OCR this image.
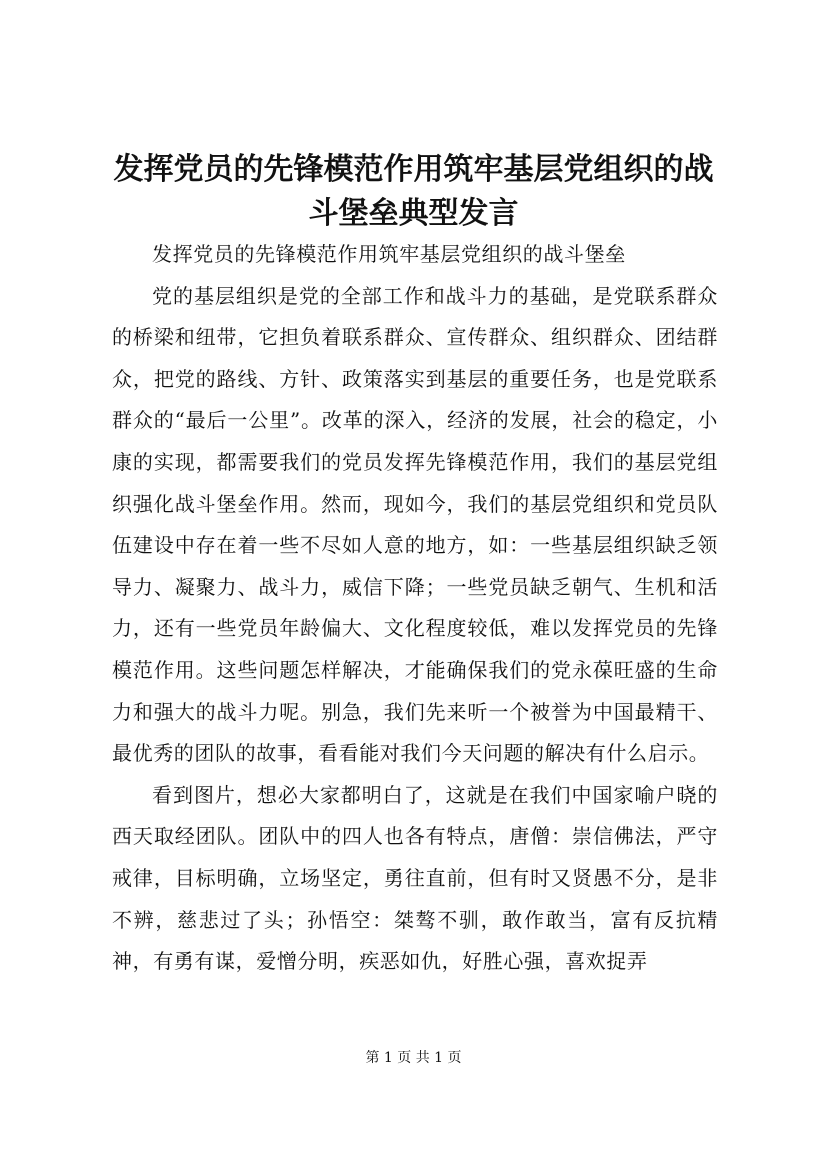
发挥党员的先锋模范作用筑牢基层党组织的战
斗堡垒典型发言

发挥党员的先锋模范作用筑牢基层党组织的战斗堡垒

党的基层组织是党的全部工作和战斗力的基础，是党联系群众的桥梁和纽带，它担负着联系群众、宣传群众、组织群众、团结群众，把党的路线、方针、政策落实到基层的重要任务，也是党联系群众的“最后一公里”。改革的深入，经济的发展，社会的稳定，小康的实现，都需要我们的党员发挥先锋模范作用，我们的基层党组织强化战斗堡垒作用。然而，现如今，我们的基层党组织和党员队伍建设中存在着一些不尽如人意的地方，如：一些基层组织缺乏领导力、凝聚力、战斗力，威信下降；一些党员缺乏朝气、生机和活力，还有一些党员年龄偏大、文化程度较低，难以发挥党员的先锋模范作用。这些问题怎样解决，才能确保我们的党永葆旺盛的生命力和强大的战斗力呢。别急，我们先来听一个被誉为中国最精干、最优秀的团队的故事，看看能对我们今天问题的解决有什么启示。

看到图片，想必大家都明白了，这就是在我们中国家喻户晓的西天取经团队。团队中的四人也各有特点，唐僧：崇信佛法，严守戒律，目标明确，立场坚定，勇往直前，但有时又贤愚不分，是非不辨，慈悲过了头；孙悟空：桀骜不驯，敢作敢当，富有反抗精神，有勇有谋，爱憎分明，疾恶如仇，好胜心强，喜欢捉弄

第 1 页 共 1 页
